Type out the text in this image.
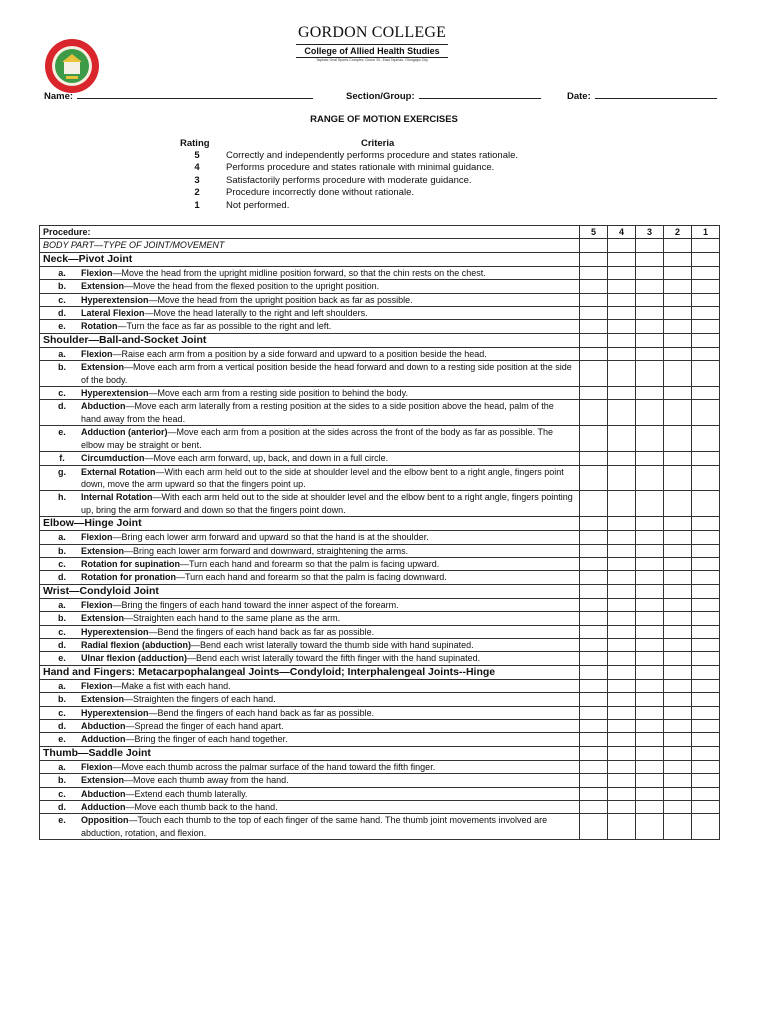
GORDON COLLEGE
College of Allied Health Studies
Tapinac Oval Sports Complex, Donor St., East Tapinac, Olongapo City
Name:	Section/Group:	Date:
RANGE OF MOTION EXERCISES
Rating	Criteria
5	Correctly and independently performs procedure and states rationale.
4	Performs procedure and states rationale with minimal guidance.
3	Satisfactorily performs procedure with moderate guidance.
2	Procedure incorrectly done without rationale.
1	Not performed.
Procedure:	5	4	3	2	1
BODY PART—TYPE OF JOINT/MOVEMENT					
Neck—Pivot Joint					

a. Flexion—Move the head from the upright midline position forward, so that the chin rests on the chest.					

b. Extension—Move the head from the flexed position to the upright position.					

c. Hyperextension—Move the head from the upright position back as far as possible.					

d. Lateral Flexion—Move the head laterally to the right and left shoulders.					

e. Rotation—Turn the face as far as possible to the right and left.					

Shoulder—Ball-and-Socket Joint					

a. Flexion—Raise each arm from a position by a side forward and upward to a position beside the head.					

b. Extension—Move each arm from a vertical position beside the head forward and down to a resting side position at the side of the body.					

c. Hyperextension—Move each arm from a resting side position to behind the body.					

d. Abduction—Move each arm laterally from a resting position at the sides to a side position above the head, palm of the hand away from the head.					

e. Adduction (anterior)—Move each arm from a position at the sides across the front of the body as far as possible. The elbow may be straight or bent.					

f. Circumduction—Move each arm forward, up, back, and down in a full circle.					

g. External Rotation—With each arm held out to the side at shoulder level and the elbow bent to a right angle, fingers point down, move the arm upward so that the fingers point up.					

h. Internal Rotation—With each arm held out to the side at shoulder level and the elbow bent to a right angle, fingers pointing up, bring the arm forward and down so that the fingers point down.					

Elbow—Hinge Joint					

a. Flexion—Bring each lower arm forward and upward so that the hand is at the shoulder.					

b. Extension—Bring each lower arm forward and downward, straightening the arms.					

c. Rotation for supination—Turn each hand and forearm so that the palm is facing upward.					

d. Rotation for pronation—Turn each hand and forearm so that the palm is facing downward.					

Wrist—Condyloid Joint					

a. Flexion—Bring the fingers of each hand toward the inner aspect of the forearm.					

b. Extension—Straighten each hand to the same plane as the arm.					

c. Hyperextension—Bend the fingers of each hand back as far as possible.					

d. Radial flexion (abduction)—Bend each wrist laterally toward the thumb side with hand supinated.					

e. Ulnar flexion (adduction)—Bend each wrist laterally toward the fifth finger with the hand supinated.					

Hand and Fingers: Metacarpophalangeal Joints—Condyloid; Interphalengeal Joints--Hinge					

a. Flexion—Make a fist with each hand.					

b. Extension—Straighten the fingers of each hand.					

c. Hyperextension—Bend the fingers of each hand back as far as possible.					

d. Abduction—Spread the finger of each hand apart.					

e. Adduction—Bring the finger of each hand together.					

Thumb—Saddle Joint					

a. Flexion—Move each thumb across the palmar surface of the hand toward the fifth finger.					

b. Extension—Move each thumb away from the hand.					

c. Abduction—Extend each thumb laterally.					

d. Adduction—Move each thumb back to the hand.					

e. Opposition—Touch each thumb to the top of each finger of the same hand. The thumb joint movements involved are abduction, rotation, and flexion.					
